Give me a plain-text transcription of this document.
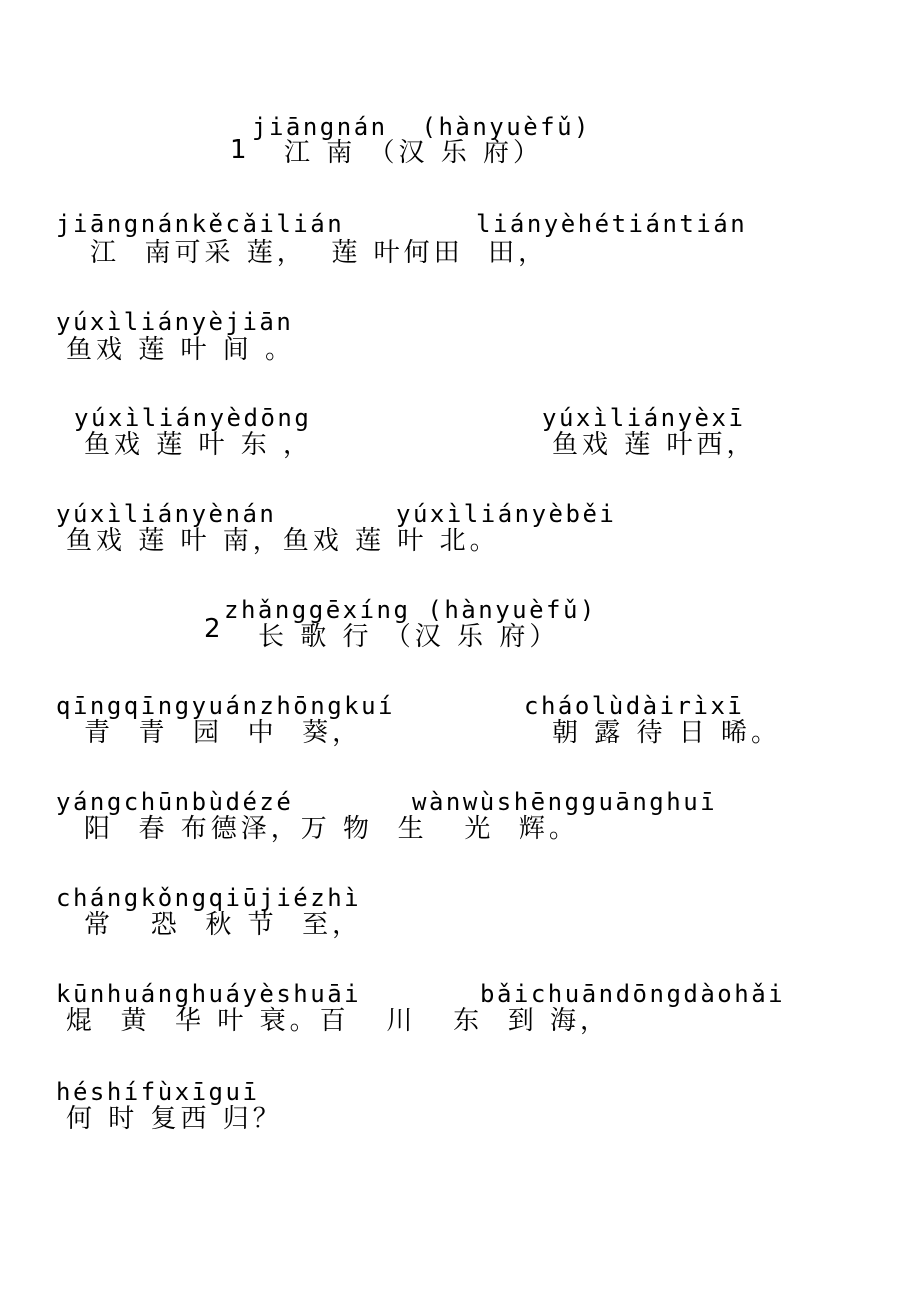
1
jiāngnán  (hànyuèfǔ)
江 南 （汉 乐 府）
jiāngnánkěcǎilián	liányèhétiántián
江  南可采 莲，  莲 叶何田  田，
yúxìliányèjiān
鱼戏 莲 叶 间 。
yúxìliányèdōng	yúxìliányèxī
鱼戏 莲 叶 东 ，	鱼戏 莲 叶西，
yúxìliányènán	yúxìliányèběi
鱼戏 莲 叶 南，鱼戏 莲 叶 北。
2
zhǎnggēxíng (hànyuèfǔ)
长 歌 行 （汉 乐 府）
qīngqīngyuánzhōngkuí	cháolùdàirìxī
青  青  园  中  葵，	朝 露 待 日 晞。
yángchūnbùdézé	wànwùshēngguānghuī
阳  春 布德泽，万 物  生   光  辉。
chángkǒngqiūjiézhì
常   恐  秋 节  至，
kūnhuánghuáyèshuāi	bǎichuāndōngdàohǎi
焜  黄  华 叶 衰。百   川   东  到 海，
héshífùxīguī
何 时 复西 归？
